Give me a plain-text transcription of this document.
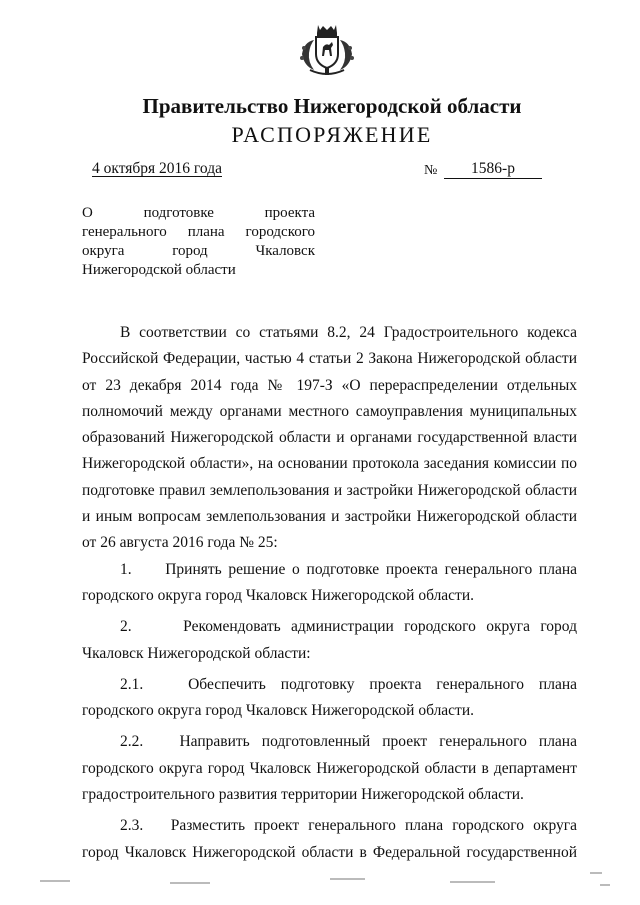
Правительство Нижегородской области
РАСПОРЯЖЕНИЕ
4 октября 2016 года	№	1586-р
О подготовке проекта
генерального плана городского
округа город Чкаловск
Нижегородской области

В соответствии со статьями 8.2, 24 Градостроительного кодекса
Российской Федерации, частью 4 статьи 2 Закона Нижегородской области
от 23 декабря 2014 года № 197-З «О перераспределении отдельных
полномочий между органами местного самоуправления муниципальных
образований Нижегородской области и органами государственной власти
Нижегородской области», на основании протокола заседания комиссии по
подготовке правил землепользования и застройки Нижегородской области
и иным вопросам землепользования и застройки Нижегородской области
от 26 августа 2016 года № 25:

1.     Принять решение о подготовке проекта генерального плана
городского округа город Чкаловск Нижегородской области.

2.     Рекомендовать администрации городского округа город
Чкаловск Нижегородской области:

2.1.   Обеспечить подготовку проекта генерального плана
городского округа город Чкаловск Нижегородской области.

2.2.   Направить подготовленный проект генерального плана
городского округа город Чкаловск Нижегородской области в департамент
градостроительного развития территории Нижегородской области.

2.3.   Разместить проект генерального плана городского округа
город Чкаловск Нижегородской области в Федеральной государственной
